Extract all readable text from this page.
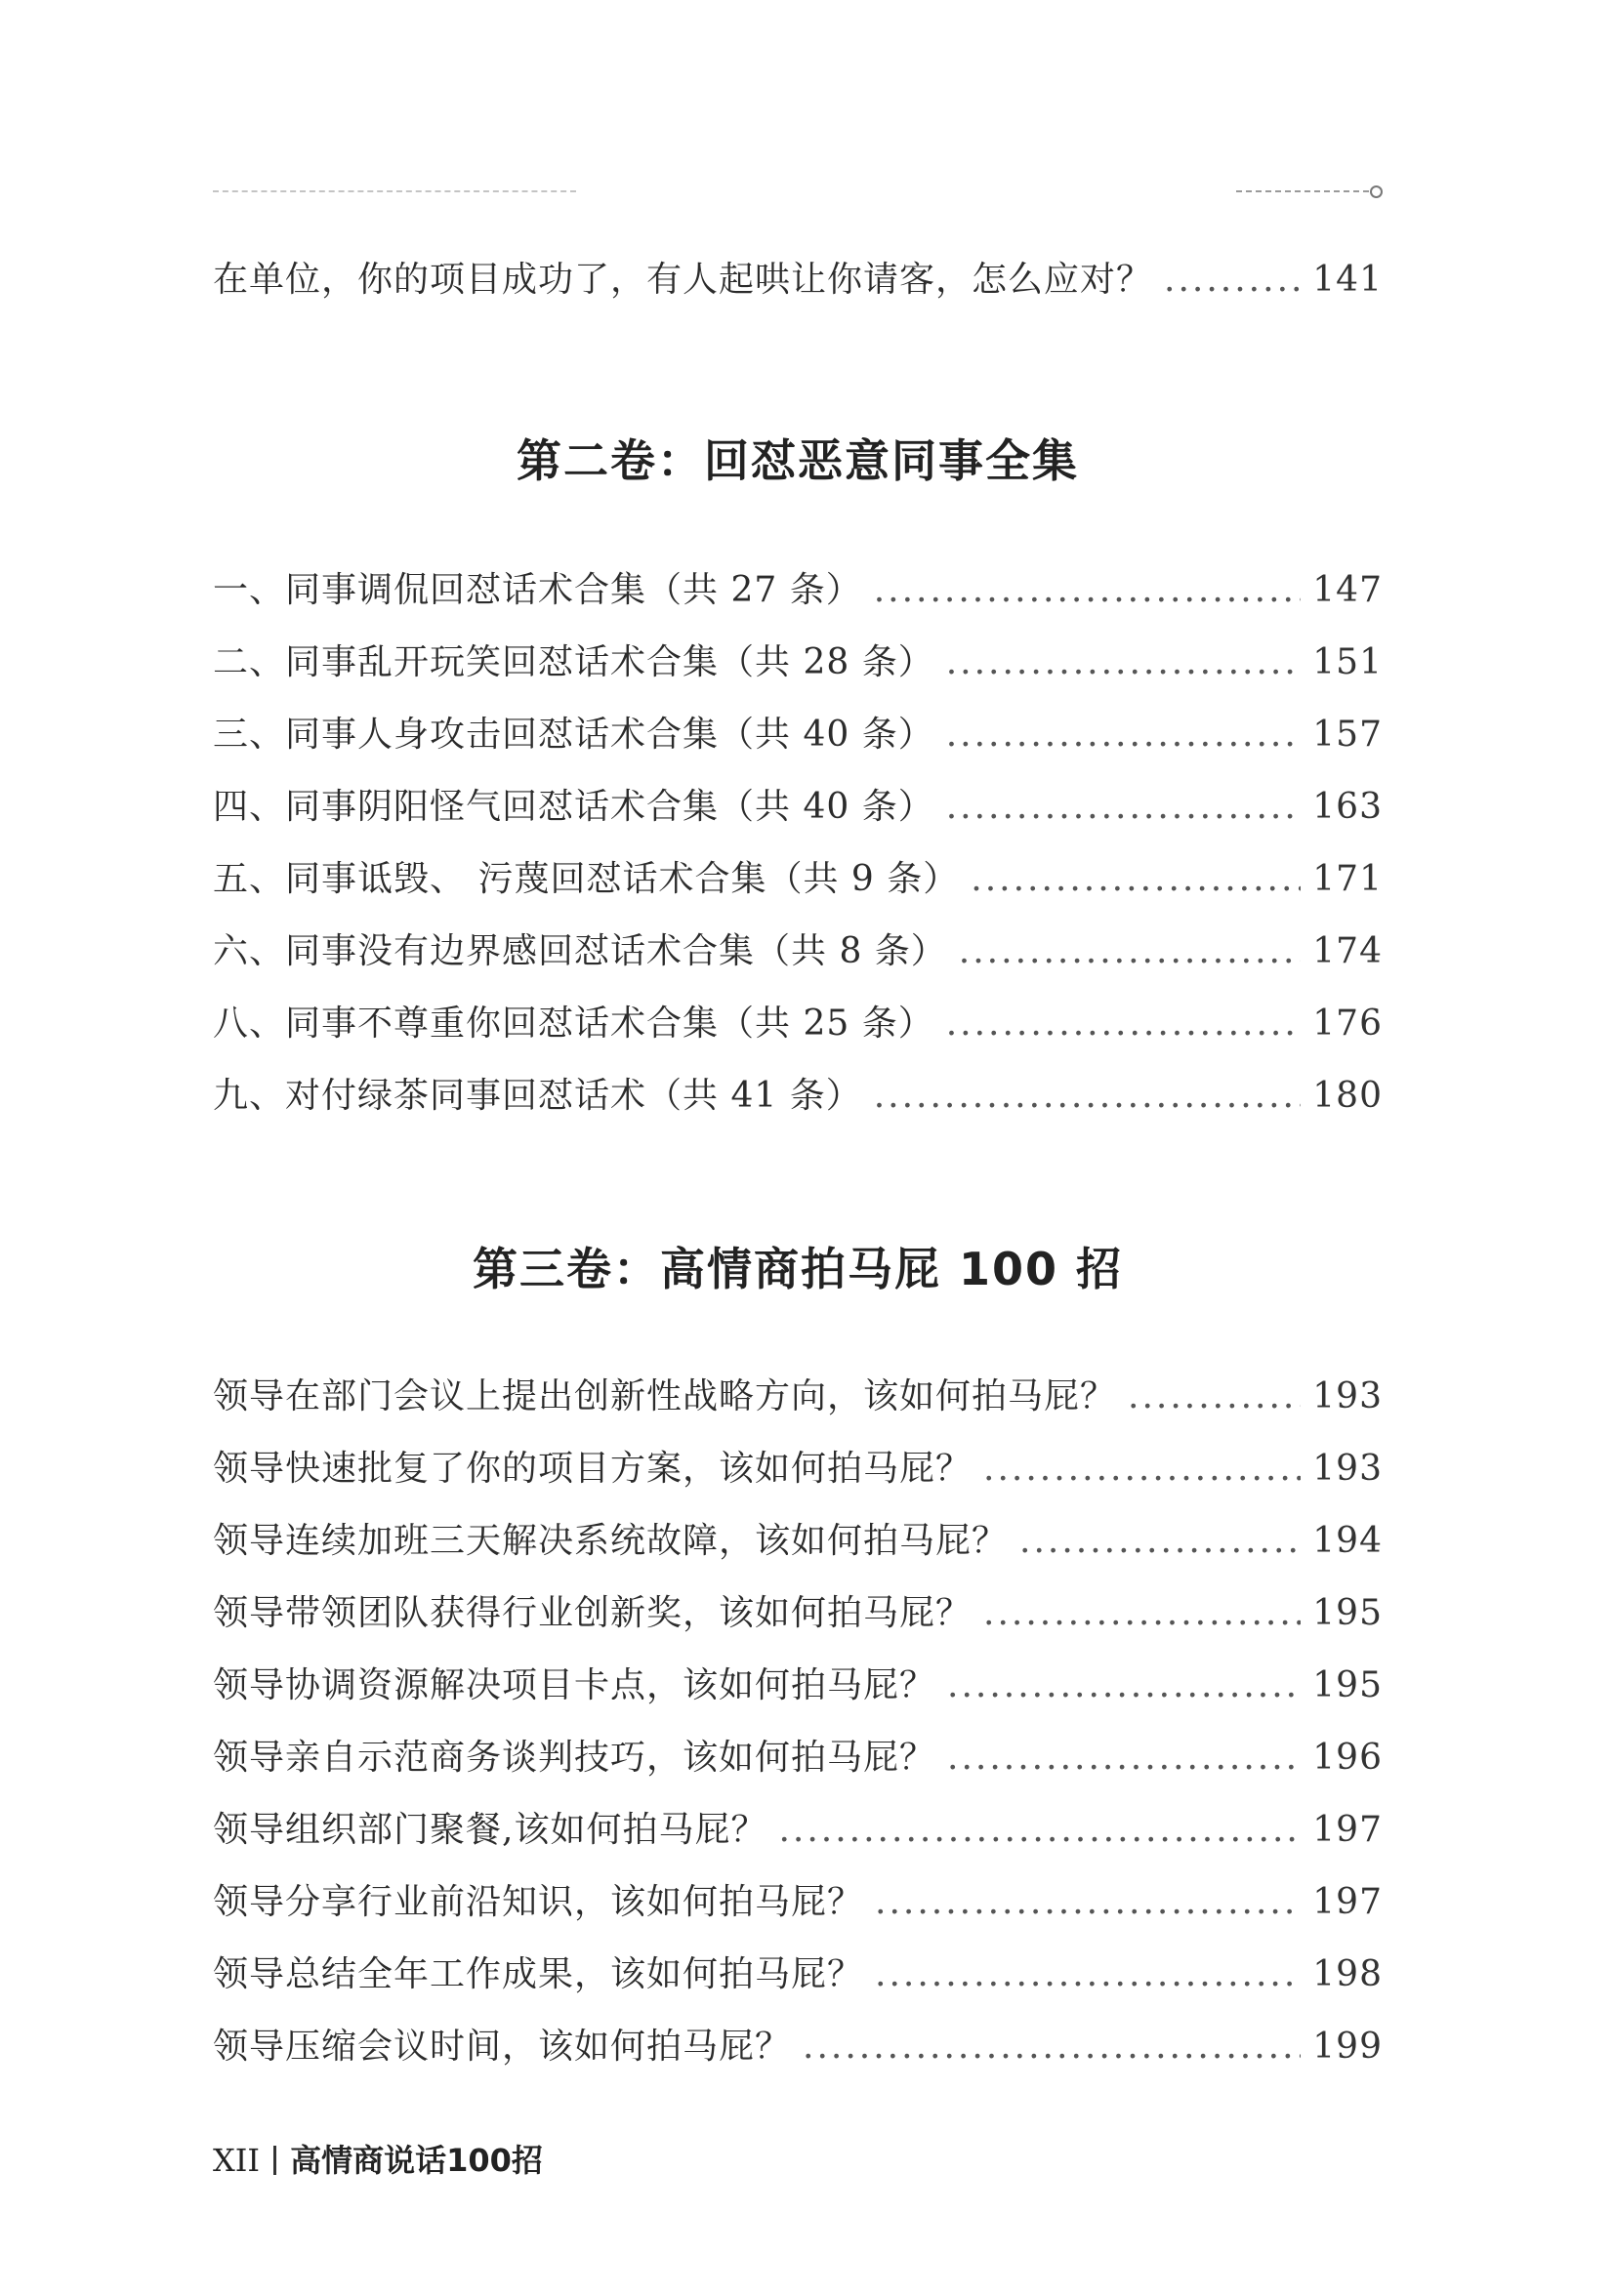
在单位，你的项目成功了，有人起哄让你请客，怎么应对？ .....	141
第二卷：回怼恶意同事全集
一、同事调侃回怼话术合集（共 27 条） .....	147
二、同事乱开玩笑回怼话术合集（共 28 条） .....	151
三、同事人身攻击回怼话术合集（共 40 条） .....	157
四、同事阴阳怪气回怼话术合集（共 40 条） .....	163
五、同事诋毁、 污蔑回怼话术合集（共 9 条） .....	171
六、同事没有边界感回怼话术合集（共 8 条） .....	174
八、同事不尊重你回怼话术合集（共 25 条） .....	176
九、对付绿茶同事回怼话术（共 41 条） .....	180
第三卷：高情商拍马屁 100 招
领导在部门会议上提出创新性战略方向，该如何拍马屁？ .....	193
领导快速批复了你的项目方案，该如何拍马屁？ .....	193
领导连续加班三天解决系统故障，该如何拍马屁？ .....	194
领导带领团队获得行业创新奖，该如何拍马屁？ .....	195
领导协调资源解决项目卡点，该如何拍马屁？ .....	195
领导亲自示范商务谈判技巧，该如何拍马屁？ .....	196
领导组织部门聚餐,该如何拍马屁？ .....	197
领导分享行业前沿知识，该如何拍马屁？ .....	197
领导总结全年工作成果，该如何拍马屁？ .....	198
领导压缩会议时间，该如何拍马屁？ .....	199
XII 高情商说话100招
